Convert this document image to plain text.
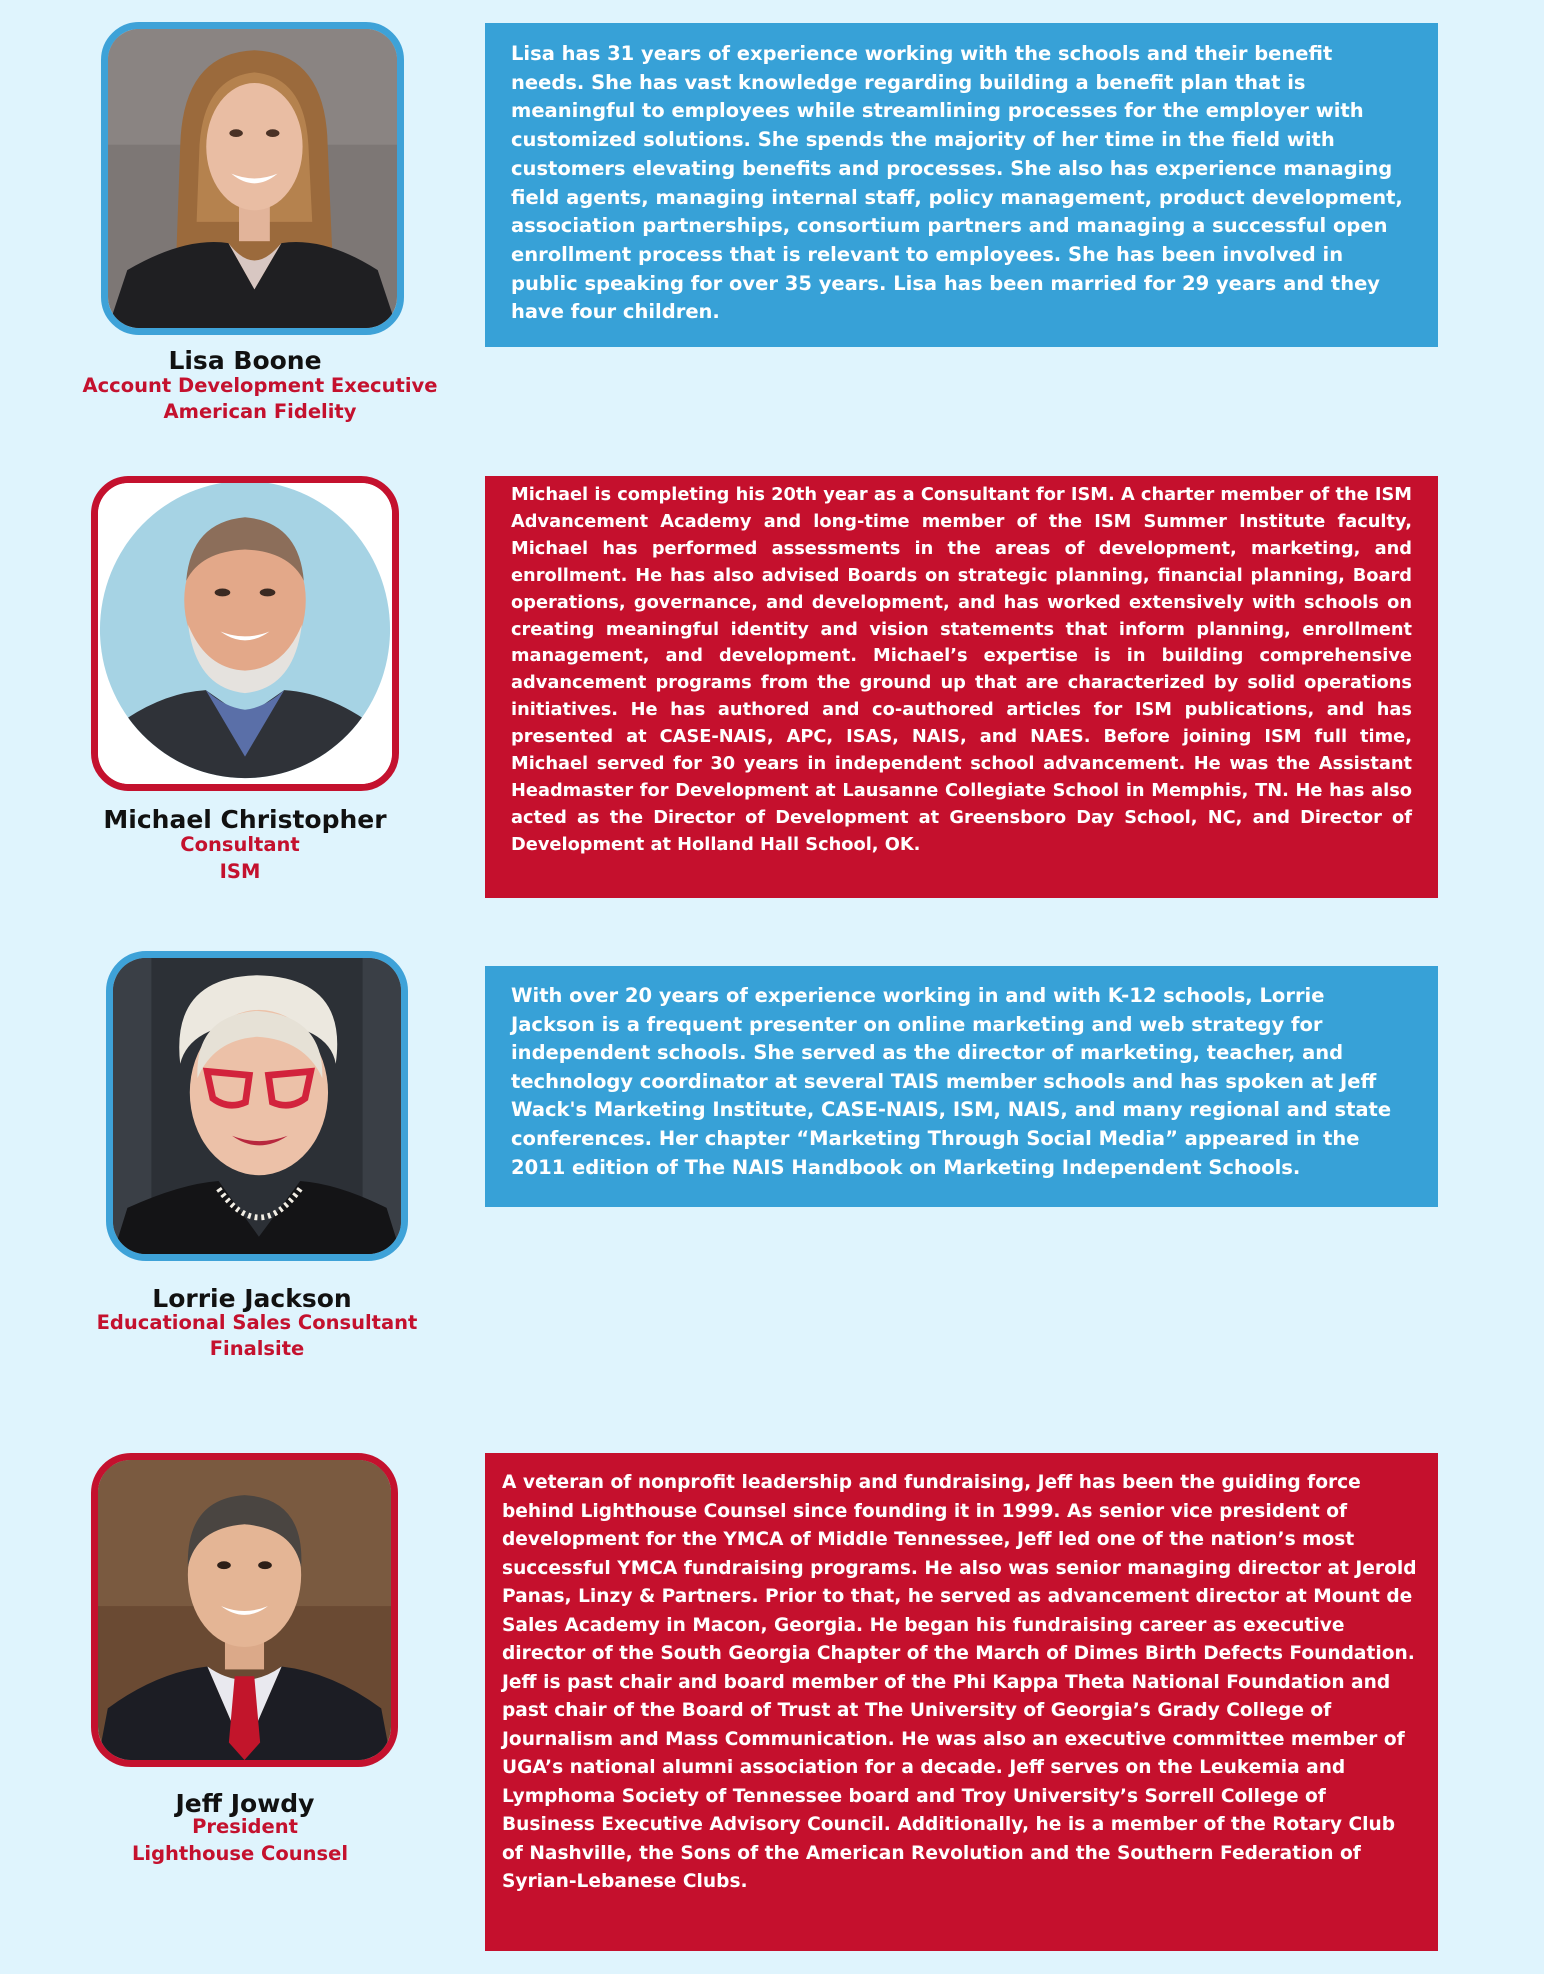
Lisa Boone
Account Development Executive
American Fidelity
Lisa has 31 years of experience working with the schools and their benefit needs. She has vast knowledge regarding building a benefit plan that is meaningful to employees while streamlining processes for the employer with customized solutions. She spends the majority of her time in the field with customers elevating benefits and processes. She also has experience managing field agents, managing internal staff, policy management, product development, association partnerships, consortium partners and managing a successful open enrollment process that is relevant to employees. She has been involved in public speaking for over 35 years. Lisa has been married for 29 years and they have four children.
Michael Christopher
Consultant
ISM
Michael is completing his 20th year as a Consultant for ISM. A charter member of the ISM Advancement Academy and long-time member of the ISM Summer Institute faculty, Michael has performed assessments in the areas of development, marketing, and enrollment. He has also advised Boards on strategic planning, financial planning, Board operations, governance, and development, and has worked extensively with schools on creating meaningful identity and vision statements that inform planning, enrollment management, and development. Michael’s expertise is in building comprehensive advancement programs from the ground up that are characterized by solid operations initiatives. He has authored and co-authored articles for ISM publications, and has presented at CASE-NAIS, APC, ISAS, NAIS, and NAES. Before joining ISM full time, Michael served for 30 years in independent school advancement. He was the Assistant Headmaster for Development at Lausanne Collegiate School in Memphis, TN. He has also acted as the Director of Development at Greensboro Day School, NC, and Director of Development at Holland Hall School, OK.
Lorrie Jackson
Educational Sales Consultant
Finalsite
With over 20 years of experience working in and with K-12 schools, Lorrie Jackson is a frequent presenter on online marketing and web strategy for independent schools. She served as the director of marketing, teacher, and technology coordinator at several TAIS member schools and has spoken at Jeff Wack's Marketing Institute, CASE-NAIS, ISM, NAIS, and many regional and state conferences. Her chapter “Marketing Through Social Media” appeared in the 2011 edition of The NAIS Handbook on Marketing Independent Schools.
Jeff Jowdy
President
Lighthouse Counsel
A veteran of nonprofit leadership and fundraising, Jeff has been the guiding force behind Lighthouse Counsel since founding it in 1999. As senior vice president of development for the YMCA of Middle Tennessee, Jeff led one of the nation’s most successful YMCA fundraising programs. He also was senior managing director at Jerold Panas, Linzy & Partners. Prior to that, he served as advancement director at Mount de Sales Academy in Macon, Georgia. He began his fundraising career as executive director of the South Georgia Chapter of the March of Dimes Birth Defects Foundation. Jeff is past chair and board member of the Phi Kappa Theta National Foundation and past chair of the Board of Trust at The University of Georgia’s Grady College of Journalism and Mass Communication. He was also an executive committee member of UGA’s national alumni association for a decade. Jeff serves on the Leukemia and Lymphoma Society of Tennessee board and Troy University’s Sorrell College of Business Executive Advisory Council. Additionally, he is a member of the Rotary Club of Nashville, the Sons of the American Revolution and the Southern Federation of Syrian-Lebanese Clubs.
